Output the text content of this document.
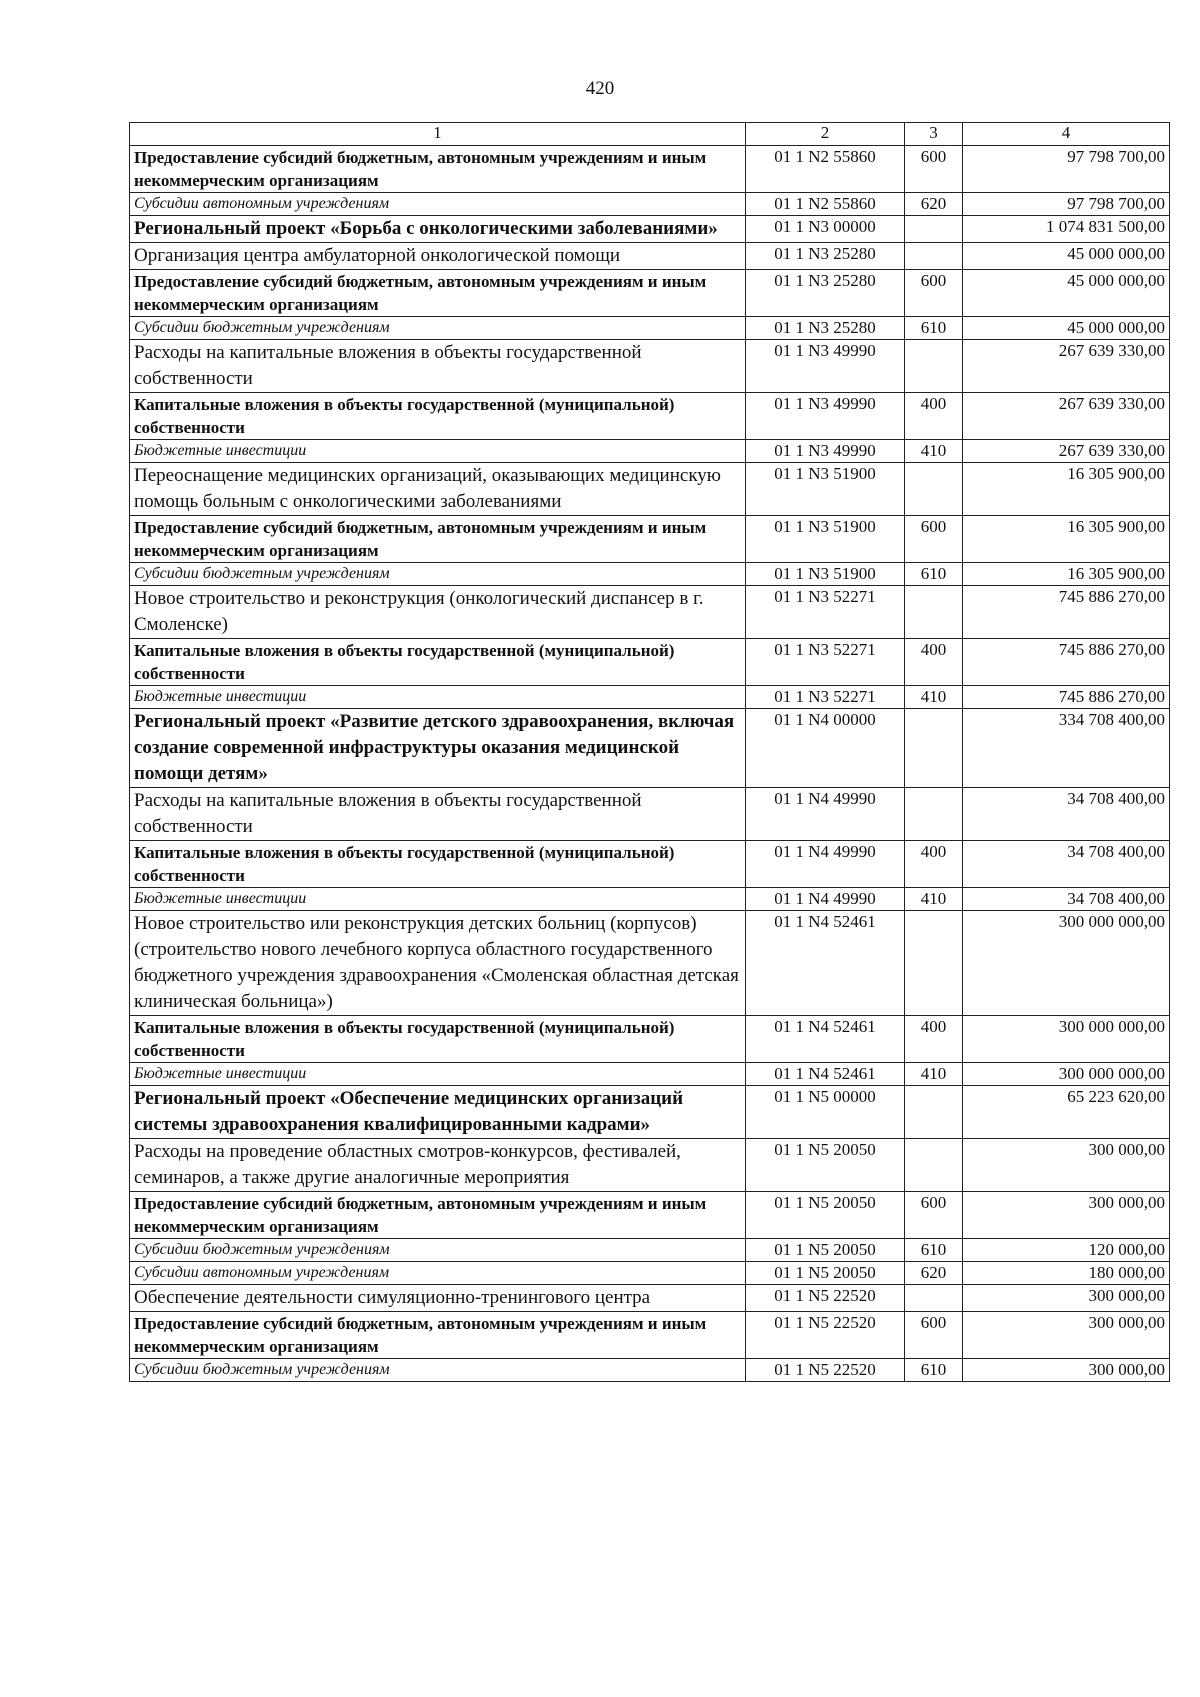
420
1	2	3	4
Предоставление субсидий бюджетным, автономным учреждениям и иным некоммерческим организациям	01 1 N2 55860	600	97 798 700,00
Субсидии автономным учреждениям	01 1 N2 55860	620	97 798 700,00
Региональный проект «Борьба с онкологическими заболеваниями»	01 1 N3 00000		1 074 831 500,00
Организация центра амбулаторной онкологической помощи	01 1 N3 25280		45 000 000,00
Предоставление субсидий бюджетным, автономным учреждениям и иным некоммерческим организациям	01 1 N3 25280	600	45 000 000,00
Субсидии бюджетным учреждениям	01 1 N3 25280	610	45 000 000,00
Расходы на капитальные вложения в объекты государственной собственности	01 1 N3 49990		267 639 330,00
Капитальные вложения в объекты государственной (муниципальной) собственности	01 1 N3 49990	400	267 639 330,00
Бюджетные инвестиции	01 1 N3 49990	410	267 639 330,00
Переоснащение медицинских организаций, оказывающих медицинскую помощь больным с онкологическими заболеваниями	01 1 N3 51900		16 305 900,00
Предоставление субсидий бюджетным, автономным учреждениям и иным некоммерческим организациям	01 1 N3 51900	600	16 305 900,00
Субсидии бюджетным учреждениям	01 1 N3 51900	610	16 305 900,00
Новое строительство и реконструкция (онкологический диспансер в г. Смоленске)	01 1 N3 52271		745 886 270,00
Капитальные вложения в объекты государственной (муниципальной) собственности	01 1 N3 52271	400	745 886 270,00
Бюджетные инвестиции	01 1 N3 52271	410	745 886 270,00
Региональный проект «Развитие детского здравоохранения, включая создание современной инфраструктуры оказания медицинской помощи детям»	01 1 N4 00000		334 708 400,00
Расходы на капитальные вложения в объекты государственной собственности	01 1 N4 49990		34 708 400,00
Капитальные вложения в объекты государственной (муниципальной) собственности	01 1 N4 49990	400	34 708 400,00
Бюджетные инвестиции	01 1 N4 49990	410	34 708 400,00
Новое строительство или реконструкция детских больниц (корпусов) (строительство нового лечебного корпуса областного государственного бюджетного учреждения здравоохранения «Смоленская областная детская клиническая больница»)	01 1 N4 52461		300 000 000,00
Капитальные вложения в объекты государственной (муниципальной) собственности	01 1 N4 52461	400	300 000 000,00
Бюджетные инвестиции	01 1 N4 52461	410	300 000 000,00
Региональный проект «Обеспечение медицинских организаций системы здравоохранения квалифицированными кадрами»	01 1 N5 00000		65 223 620,00
Расходы на проведение областных смотров-конкурсов, фестивалей, семинаров, а также другие аналогичные мероприятия	01 1 N5 20050		300 000,00
Предоставление субсидий бюджетным, автономным учреждениям и иным некоммерческим организациям	01 1 N5 20050	600	300 000,00
Субсидии бюджетным учреждениям	01 1 N5 20050	610	120 000,00
Субсидии автономным учреждениям	01 1 N5 20050	620	180 000,00
Обеспечение деятельности симуляционно-тренингового центра	01 1 N5 22520		300 000,00
Предоставление субсидий бюджетным, автономным учреждениям и иным некоммерческим организациям	01 1 N5 22520	600	300 000,00
Субсидии бюджетным учреждениям	01 1 N5 22520	610	300 000,00
